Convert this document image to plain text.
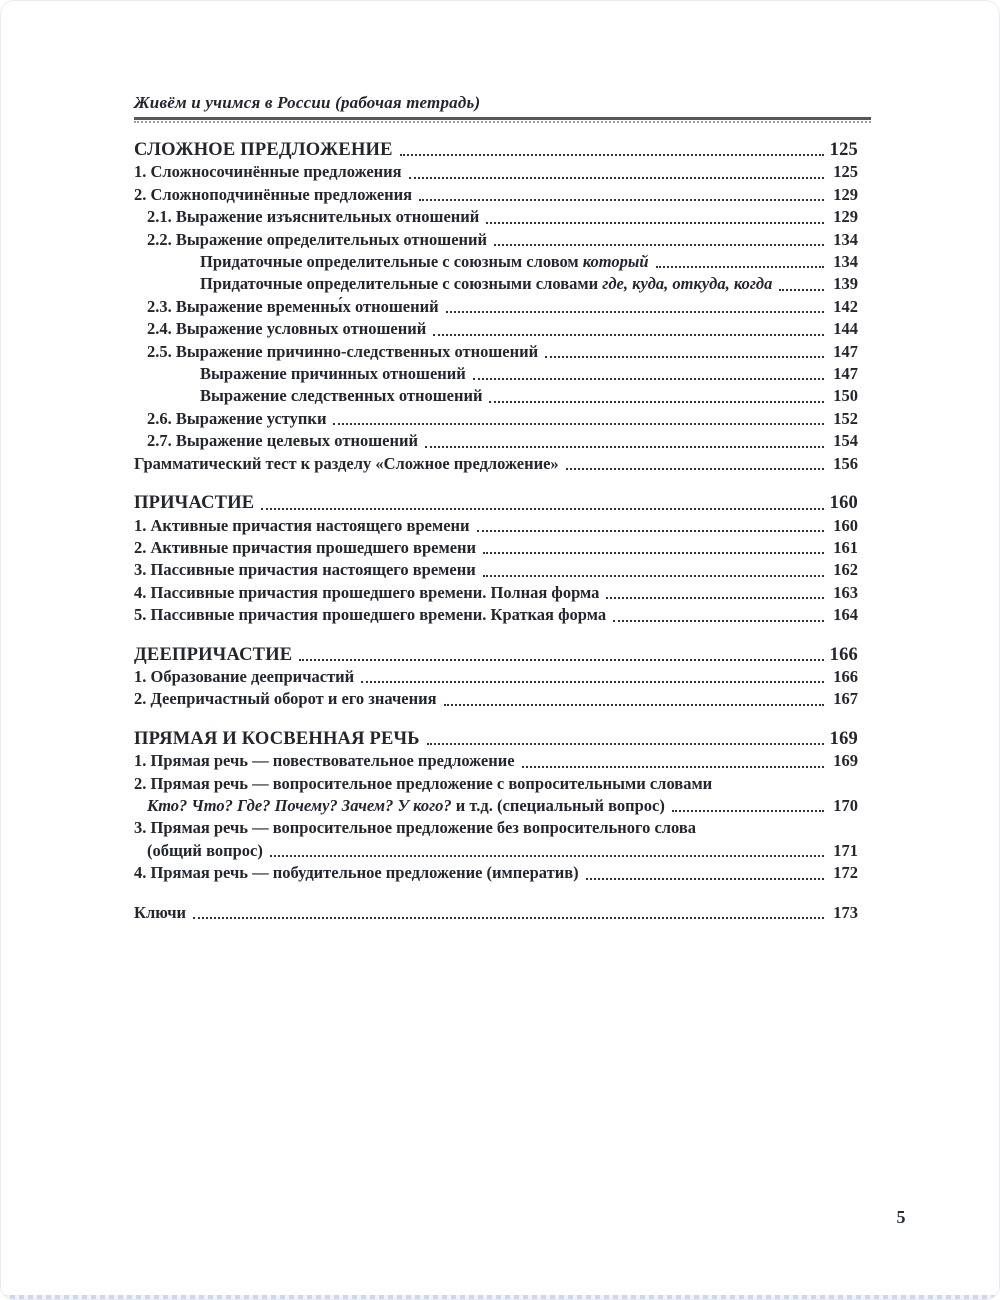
Живём и учимся в России (рабочая тетрадь)
СЛОЖНОЕ ПРЕДЛОЖЕНИЕ	125
1. Сложносочинённые предложения	125
2. Сложноподчинённые предложения	129
2.1. Выражение изъяснительных отношений	129
2.2. Выражение определительных отношений	134
Придаточные определительные с союзным словом который	134
Придаточные определительные с союзными словами где, куда, откуда, когда	139
2.3. Выражение временны́х отношений	142
2.4. Выражение условных отношений	144
2.5. Выражение причинно-следственных отношений	147
Выражение причинных отношений	147
Выражение следственных отношений	150
2.6. Выражение уступки	152
2.7. Выражение целевых отношений	154
Грамматический тест к разделу «Сложное предложение»	156
ПРИЧАСТИЕ	160
1. Активные причастия настоящего времени	160
2. Активные причастия прошедшего времени	161
3. Пассивные причастия настоящего времени	162
4. Пассивные причастия прошедшего времени. Полная форма	163
5. Пассивные причастия прошедшего времени. Краткая форма	164
ДЕЕПРИЧАСТИЕ	166
1. Образование деепричастий	166
2. Деепричастный оборот и его значения	167
ПРЯМАЯ И КОСВЕННАЯ РЕЧЬ	169
1. Прямая речь — повествовательное предложение	169
2. Прямая речь — вопросительное предложение с вопросительными словами
Кто? Что? Где? Почему? Зачем? У кого? и т.д. (специальный вопрос)	170
3. Прямая речь — вопросительное предложение без вопросительного слова
(общий вопрос)	171
4. Прямая речь — побудительное предложение (императив)	172
Ключи	173
5
